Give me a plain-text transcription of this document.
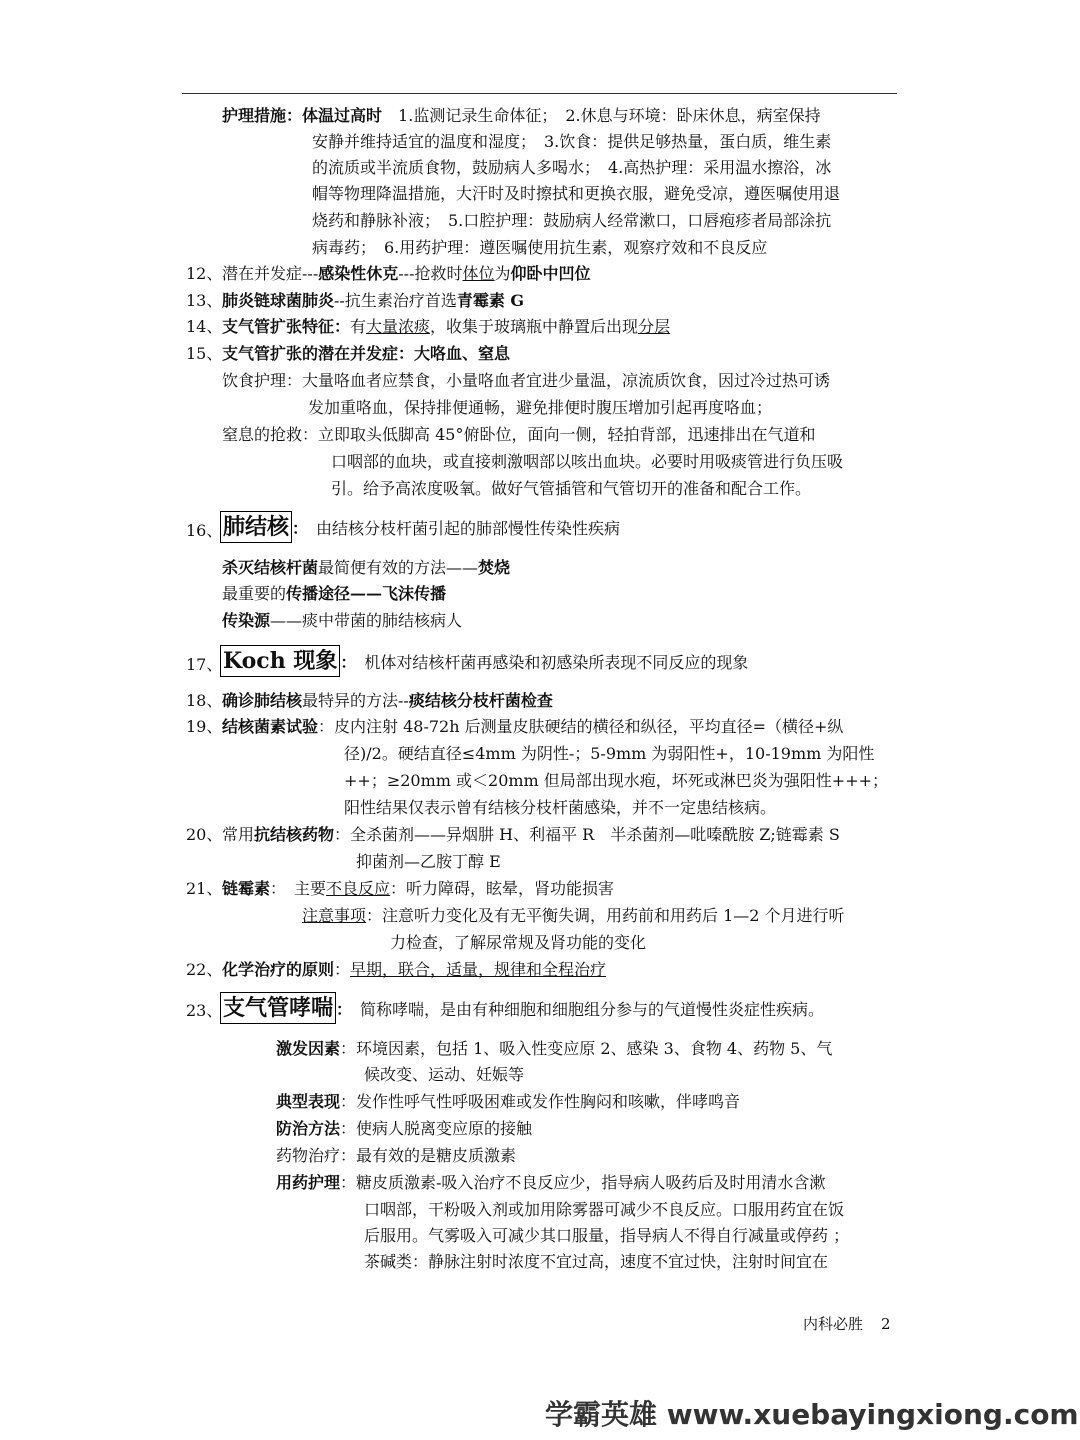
护理措施：体温过高时　 1.监测记录生命体征；　2.休息与环境：卧床休息，病室保持
安静并维持适宜的温度和湿度；　3.饮食：提供足够热量，蛋白质，维生素
的流质或半流质食物，鼓励病人多喝水；　4.高热护理：采用温水擦浴，冰
帽等物理降温措施，大汗时及时擦拭和更换衣服，避免受凉，遵医嘱使用退
烧药和静脉补液；　5.口腔护理：鼓励病人经常漱口，口唇疱疹者局部涂抗
病毒药；　6.用药护理：遵医嘱使用抗生素，观察疗效和不良反应
12、 潜在并发症---感染性休克---抢救时体位为仰卧中凹位
13、 肺炎链球菌肺炎--抗生素治疗首选青霉素 G
14、 支气管扩张特征：有大量浓痰，收集于玻璃瓶中静置后出现分层
15、 支气管扩张的潜在并发症：大咯血、窒息
饮食护理：大量咯血者应禁食，小量咯血者宜进少量温，凉流质饮食，因过冷过热可诱
发加重咯血，保持排便通畅，避免排便时腹压增加引起再度咯血；
窒息的抢救：立即取头低脚高 45°俯卧位，面向一侧，轻拍背部，迅速排出在气道和
口咽部的血块，或直接刺激咽部以咳出血块。必要时用吸痰管进行负压吸
引。给予高浓度吸氧。做好气管插管和气管切开的准备和配合工作。
16、 肺结核 ：　 由结核分枝杆菌引起的肺部慢性传染性疾病
杀灭结核杆菌最简便有效的方法——焚烧
最重要的传播途径——飞沫传播
传染源——痰中带菌的肺结核病人
17、 Koch 现象 ：　 机体对结核杆菌再感染和初感染所表现不同反应的现象
18、 确诊肺结核最特异的方法--痰结核分枝杆菌检查
19、 结核菌素试验：皮内注射 48-72h 后测量皮肤硬结的横径和纵径，平均直径=（横径+纵
径)/2。硬结直径≤4mm 为阴性-；5-9mm 为弱阳性+，10-19mm 为阳性
++；≥20mm 或＜20mm 但局部出现水疱，坏死或淋巴炎为强阳性+++；
阳性结果仅表示曾有结核分枝杆菌感染，并不一定患结核病。
20、 常用抗结核药物：全杀菌剂——异烟肼 H、利福平 R　半杀菌剂—吡嗪酰胺 Z;链霉素 S
抑菌剂—乙胺丁醇 E
21、 链霉素：　主要不良反应：听力障碍，眩晕，肾功能损害
注意事项：注意听力变化及有无平衡失调，用药前和用药后 1—2 个月进行听
力检查，了解尿常规及肾功能的变化
22、 化学治疗的原则：早期，联合，适量，规律和全程治疗
23、 支气管哮喘 ：　 简称哮喘，是由有种细胞和细胞组分参与的气道慢性炎症性疾病。
激发因素：环境因素，包括 1、吸入性变应原 2、感染 3、食物 4、药物 5、气
候改变、运动、妊娠等
典型表现：发作性呼气性呼吸困难或发作性胸闷和咳嗽，伴哮鸣音
防治方法：使病人脱离变应原的接触
药物治疗：最有效的是糖皮质激素
用药护理：糖皮质激素-吸入治疗不良反应少，指导病人吸药后及时用清水含漱
口咽部，干粉吸入剂或加用除雾器可减少不良反应。口服用药宜在饭
后服用。气雾吸入可减少其口服量，指导病人不得自行减量或停药 ；
茶碱类：静脉注射时浓度不宜过高，速度不宜过快，注射时间宜在
内科必胜 2
学霸英雄 www.xuebayingxiong.com
